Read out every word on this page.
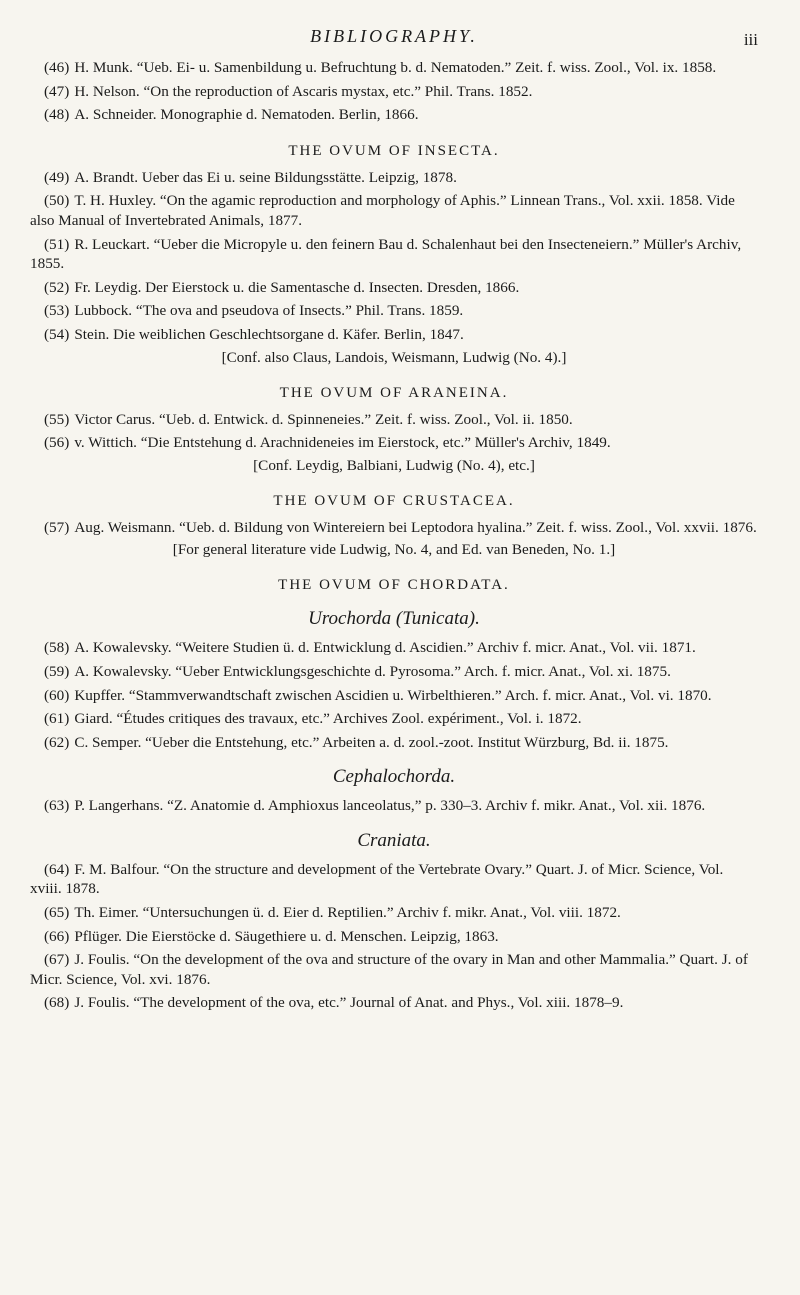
BIBLIOGRAPHY.	iii

(46) H. Munk. “Ueb. Ei- u. Samenbildung u. Befruchtung b. d. Nematoden.” Zeit. f. wiss. Zool., Vol. ix. 1858.

(47) H. Nelson. “On the reproduction of Ascaris mystax, etc.” Phil. Trans. 1852.

(48) A. Schneider. Monographie d. Nematoden. Berlin, 1866.

THE OVUM OF INSECTA.

(49) A. Brandt. Ueber das Ei u. seine Bildungsstätte. Leipzig, 1878.

(50) T. H. Huxley. “On the agamic reproduction and morphology of Aphis.” Linnean Trans., Vol. xxii. 1858. Vide also Manual of Invertebrated Animals, 1877.

(51) R. Leuckart. “Ueber die Micropyle u. den feinern Bau d. Schalenhaut bei den Insecteneiern.” Müller's Archiv, 1855.

(52) Fr. Leydig. Der Eierstock u. die Samentasche d. Insecten. Dresden, 1866.

(53) Lubbock. “The ova and pseudova of Insects.” Phil. Trans. 1859.

(54) Stein. Die weiblichen Geschlechtsorgane d. Käfer. Berlin, 1847.

[Conf. also Claus, Landois, Weismann, Ludwig (No. 4).]
THE OVUM OF ARANEINA.

(55) Victor Carus. “Ueb. d. Entwick. d. Spinneneies.” Zeit. f. wiss. Zool., Vol. ii. 1850.

(56) v. Wittich. “Die Entstehung d. Arachnideneies im Eierstock, etc.” Müller's Archiv, 1849.

[Conf. Leydig, Balbiani, Ludwig (No. 4), etc.]
THE OVUM OF CRUSTACEA.

(57) Aug. Weismann. “Ueb. d. Bildung von Wintereiern bei Leptodora hyalina.” Zeit. f. wiss. Zool., Vol. xxvii. 1876.

[For general literature vide Ludwig, No. 4, and Ed. van Beneden, No. 1.]
THE OVUM OF CHORDATA.
Urochorda (Tunicata).

(58) A. Kowalevsky. “Weitere Studien ü. d. Entwicklung d. Ascidien.” Archiv f. micr. Anat., Vol. vii. 1871.

(59) A. Kowalevsky. “Ueber Entwicklungsgeschichte d. Pyrosoma.” Arch. f. micr. Anat., Vol. xi. 1875.

(60) Kupffer. “Stammverwandtschaft zwischen Ascidien u. Wirbelthieren.” Arch. f. micr. Anat., Vol. vi. 1870.

(61) Giard. “Études critiques des travaux, etc.” Archives Zool. expériment., Vol. i. 1872.

(62) C. Semper. “Ueber die Entstehung, etc.” Arbeiten a. d. zool.-zoot. Institut Würzburg, Bd. ii. 1875.

Cephalochorda.

(63) P. Langerhans. “Z. Anatomie d. Amphioxus lanceolatus,” p. 330–3. Archiv f. mikr. Anat., Vol. xii. 1876.

Craniata.

(64) F. M. Balfour. “On the structure and development of the Vertebrate Ovary.” Quart. J. of Micr. Science, Vol. xviii. 1878.

(65) Th. Eimer. “Untersuchungen ü. d. Eier d. Reptilien.” Archiv f. mikr. Anat., Vol. viii. 1872.

(66) Pflüger. Die Eierstöcke d. Säugethiere u. d. Menschen. Leipzig, 1863.

(67) J. Foulis. “On the development of the ova and structure of the ovary in Man and other Mammalia.” Quart. J. of Micr. Science, Vol. xvi. 1876.

(68) J. Foulis. “The development of the ova, etc.” Journal of Anat. and Phys., Vol. xiii. 1878–9.
